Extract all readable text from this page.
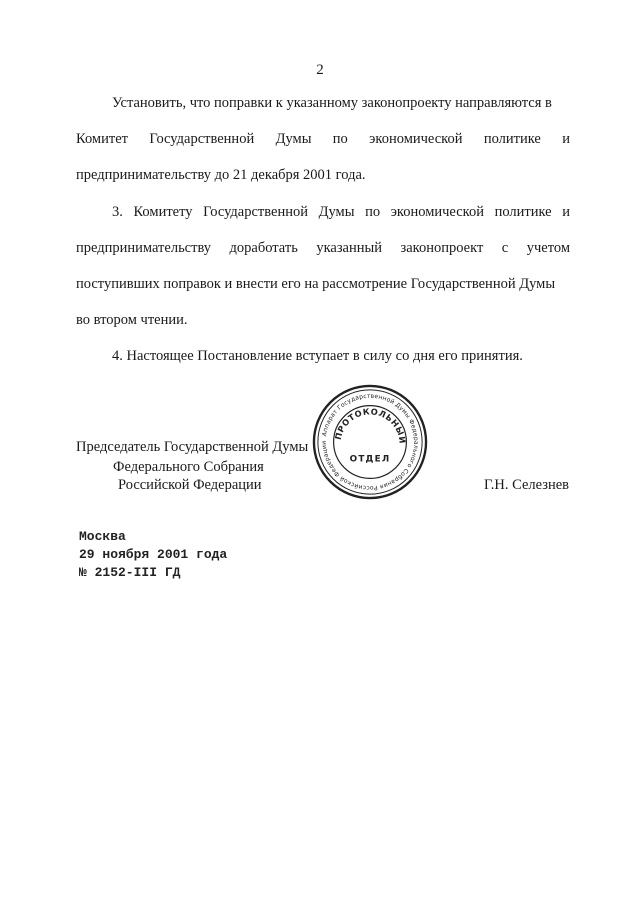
2
Установить, что поправки к указанному законопроекту направляются в
Комитет Государственной Думы по экономической политике и
предпринимательству до 21 декабря 2001 года.
3. Комитету Государственной Думы по экономической политике и
предпринимательству доработать указанный законопроект с учетом
поступивших поправок и внести его на рассмотрение Государственной Думы
во втором чтении.
4. Настоящее Постановление вступает в силу со дня его принятия.
Председатель Государственной Думы
Федерального Собрания
Российской Федерации	Г.Н. Селезнев
Аппарат Государственной Думы Федерального Собрания Российской Федерации
ПРОТОКОЛЬНЫЙ
ОТДЕЛ
Москва
29 ноября 2001 года
№ 2152-III ГД
